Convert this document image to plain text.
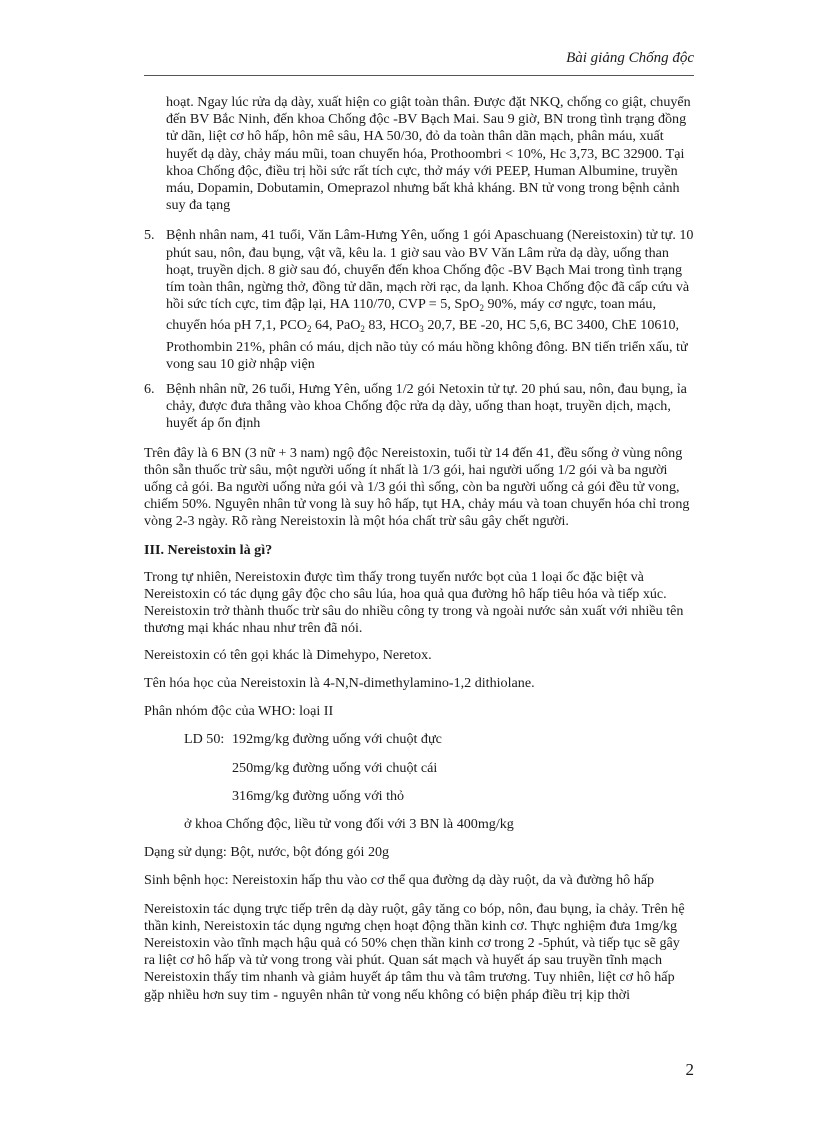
Bài giảng Chống độc

hoạt. Ngay lúc rửa dạ dày, xuất hiện co giật toàn thân. Được đặt NKQ, chống co giật, chuyển đến BV Bắc Ninh, đến khoa Chống độc -BV Bạch Mai. Sau 9 giờ, BN trong tình trạng đồng tử dãn, liệt cơ hô hấp, hôn mê sâu, HA 50/30, đỏ da toàn thân dãn mạch, phân máu, xuất huyết dạ dày, chảy máu mũi, toan chuyển hóa, Prothoombri < 10%, Hc 3,73, BC 32900. Tại khoa Chống độc, điều trị hồi sức rất tích cực, thở máy với PEEP, Human Albumine, truyền máu, Dopamin, Dobutamin, Omeprazol nhưng bất khả kháng. BN tử vong trong bệnh cảnh suy đa tạng

5. Bệnh nhân nam, 41 tuổi, Văn Lâm-Hưng Yên, uống 1 gói Apaschuang (Nereistoxin) tử tự. 10 phút sau, nôn, đau bụng, vật vã, kêu la. 1 giờ sau vào BV Văn Lâm rửa dạ dày, uống than hoạt, truyền dịch. 8 giờ sau đó, chuyển đến khoa Chống độc -BV Bạch Mai trong tình trạng tím toàn thân, ngừng thở, đồng tử dãn, mạch rời rạc, da lạnh. Khoa Chống độc đã cấp cứu và hồi sức tích cực, tim đập lại, HA 110/70, CVP = 5, SpO$_2$ 90%, máy cơ ngực, toan máu, chuyển hóa pH 7,1, $PCO_2$ 64, PaO$_2$ 83, $HCO_3$ 20,7, BE -20, HC 5,6, BC 3400, ChE 10610, Prothombin 21%, phân có máu, dịch não tủy có máu hồng không đông. BN tiến triển xấu, tử vong sau 10 giờ nhập viện
6. Bệnh nhân nữ, 26 tuổi, Hưng Yên, uống 1/2 gói Netoxin tử tự. 20 phú sau, nôn, đau bụng, ỉa chảy, được đưa thẳng vào khoa Chống độc rửa dạ dày, uống than hoạt, truyền dịch, mạch, huyết áp ổn định

Trên đây là 6 BN (3 nữ + 3 nam) ngộ độc Nereistoxin, tuổi từ 14 đến 41, đều sống ở vùng nông thôn sẵn thuốc trừ sâu, một người uống ít nhất là 1/3 gói, hai người uống 1/2 gói và ba người uống cả gói. Ba người uống nửa gói và 1/3 gói thì sống, còn ba người uống cả gói đều tử vong, chiếm 50%. Nguyên nhân tử vong là suy hô hấp, tụt HA, chảy máu và toan chuyển hóa chỉ trong vòng 2-3 ngày. Rõ ràng Nereistoxin là một hóa chất trừ sâu gây chết người.

III. Nereistoxin là gì?

Trong tự nhiên, Nereistoxin được tìm thấy trong tuyến nước bọt của 1 loại ốc đặc biệt và Nereistoxin có tác dụng gây độc cho sâu lúa, hoa quả qua đường hô hấp tiêu hóa và tiếp xúc. Nereistoxin trở thành thuốc trừ sâu do nhiều công ty trong và ngoài nước sản xuất với nhiều tên thương mại khác nhau như trên đã nói.

Nereistoxin có tên gọi khác là Dimehypo, Neretox.

Tên hóa học của Nereistoxin là 4-N,N-dimethylamino-1,2 dithiolane.

Phân nhóm độc của WHO: loại II

LD 50: 192mg/kg đường uống với chuột đực
250mg/kg đường uống với chuột cái
316mg/kg đường uống với thỏ
ở khoa Chống độc, liều tử vong đối với 3 BN là 400mg/kg

Dạng sử dụng: Bột, nước, bột đóng gói 20g

Sinh bệnh học: Nereistoxin hấp thu vào cơ thể qua đường dạ dày ruột, da và đường hô hấp

Nereistoxin tác dụng trực tiếp trên dạ dày ruột, gây tăng co bóp, nôn, đau bụng, ỉa chảy. Trên hệ thần kinh, Nereistoxin tác dụng ngưng chẹn hoạt động thần kinh cơ. Thực nghiệm đưa 1mg/kg Nereistoxin vào tĩnh mạch hậu quả có 50% chẹn thần kinh cơ trong 2 -5phút, và tiếp tục sẽ gây ra liệt cơ hô hấp và tử vong trong vài phút. Quan sát mạch và huyết áp sau truyền tĩnh mạch Nereistoxin thấy tim nhanh và giảm huyết áp tâm thu và tâm trương. Tuy nhiên, liệt cơ hô hấp gặp nhiều hơn suy tim - nguyên nhân tử vong nếu không có biện pháp điều trị kịp thời

2
